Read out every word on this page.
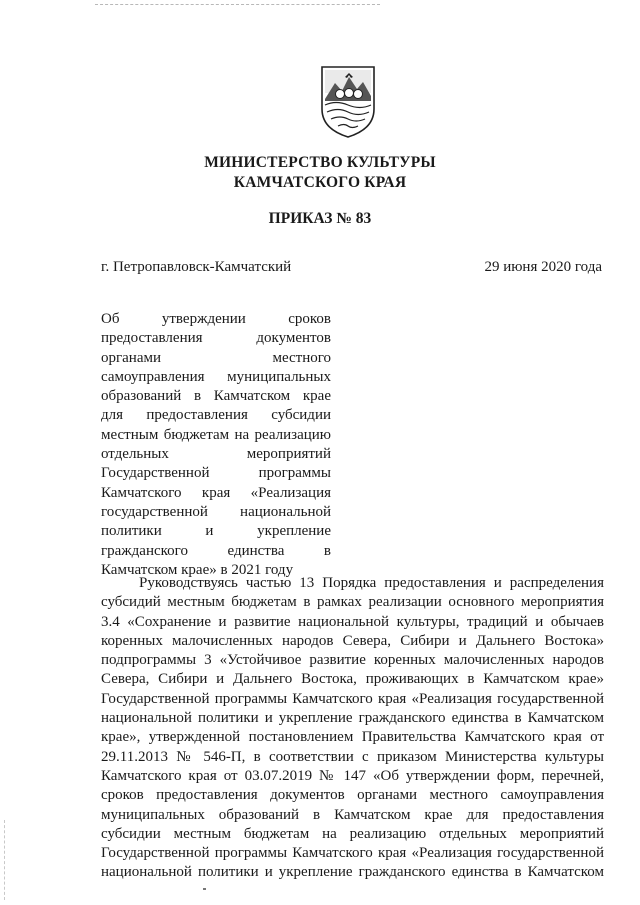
МИНИСТЕРСТВО КУЛЬТУРЫ
КАМЧАТСКОГО КРАЯ
ПРИКАЗ № 83
г. Петропавловск-Камчатский	29 июня 2020 года
Об утверждении сроков
предоставления документов
органами местного
самоуправления муниципальных
образований в Камчатском крае
для предоставления субсидии
местным бюджетам на реализацию
отдельных мероприятий
Государственной программы
Камчатского края «Реализация
государственной национальной
политики и укрепление
гражданского единства в
Камчатском крае» в 2021 году
Руководствуясь частью 13 Порядка предоставления и распределения
субсидий местным бюджетам в рамках реализации основного мероприятия
3.4 «Сохранение и развитие национальной культуры, традиций и обычаев
коренных малочисленных народов Севера, Сибири и Дальнего Востока»
подпрограммы 3 «Устойчивое развитие коренных малочисленных народов
Севера, Сибири и Дальнего Востока, проживающих в Камчатском крае»
Государственной программы Камчатского края «Реализация государственной
национальной политики и укрепление гражданского единства в Камчатском
крае», утвержденной постановлением Правительства Камчатского края от
29.11.2013 № 546-П, в соответствии с приказом Министерства культуры
Камчатского края от 03.07.2019 № 147 «Об утверждении форм, перечней,
сроков предоставления документов органами местного самоуправления
муниципальных образований в Камчатском крае для предоставления
субсидии местным бюджетам на реализацию отдельных мероприятий
Государственной программы Камчатского края «Реализация государственной
национальной политики и укрепление гражданского единства в Камчатском
